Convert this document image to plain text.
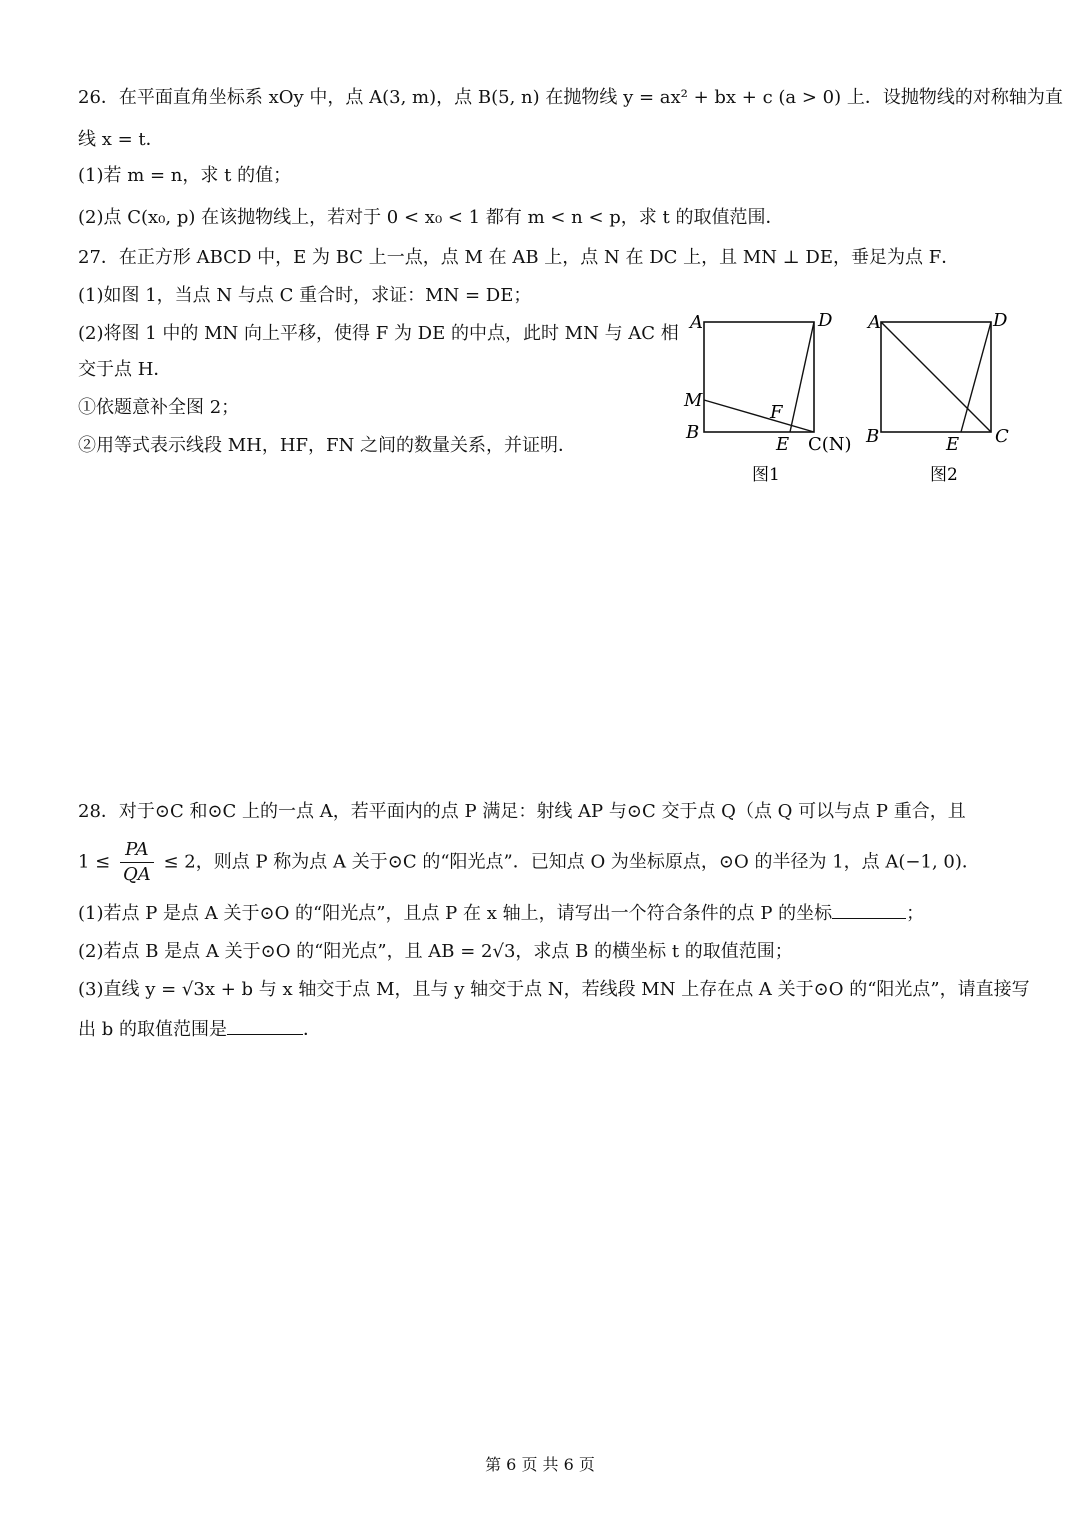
26．在平面直角坐标系 xOy 中，点 A(3, m)，点 B(5, n) 在抛物线 y = ax² + bx + c (a > 0) 上．设抛物线的对称轴为直
线 x = t．
(1)若 m = n，求 t 的值；
(2)点 C(x₀, p) 在该抛物线上，若对于 0 < x₀ < 1 都有 m < n < p，求 t 的取值范围．
27．在正方形 ABCD 中，E 为 BC 上一点，点 M 在 AB 上，点 N 在 DC 上，且 MN ⊥ DE，垂足为点 F．
(1)如图 1，当点 N 与点 C 重合时，求证：MN = DE；
(2)将图 1 中的 MN 向上平移，使得 F 为 DE 的中点，此时 MN 与 AC 相
交于点 H．
①依题意补全图 2；
②用等式表示线段 MH，HF，FN 之间的数量关系，并证明．
A	D
M
B
F
E C(N)
图1
A	D
B	E C
图2
28．对于⊙C 和⊙C 上的一点 A，若平面内的点 P 满足：射线 AP 与⊙C 交于点 Q（点 Q 可以与点 P 重合，且
$1 \le \frac{PA}{QA} \le 2$，则点 P 称为点 A 关于⊙C 的“阳光点”．已知点 O 为坐标原点，⊙O 的半径为 1，点 A(−1, 0)．
(1)若点 P 是点 A 关于⊙O 的“阳光点”，且点 P 在 x 轴上，请写出一个符合条件的点 P 的坐标	；
(2)若点 B 是点 A 关于⊙O 的“阳光点”，且 AB = 2√3，求点 B 的横坐标 t 的取值范围；
(3)直线 y = √3x + b 与 x 轴交于点 M，且与 y 轴交于点 N，若线段 MN 上存在点 A 关于⊙O 的“阳光点”，请直接写
出 b 的取值范围是	．
第 6 页 共 6 页
